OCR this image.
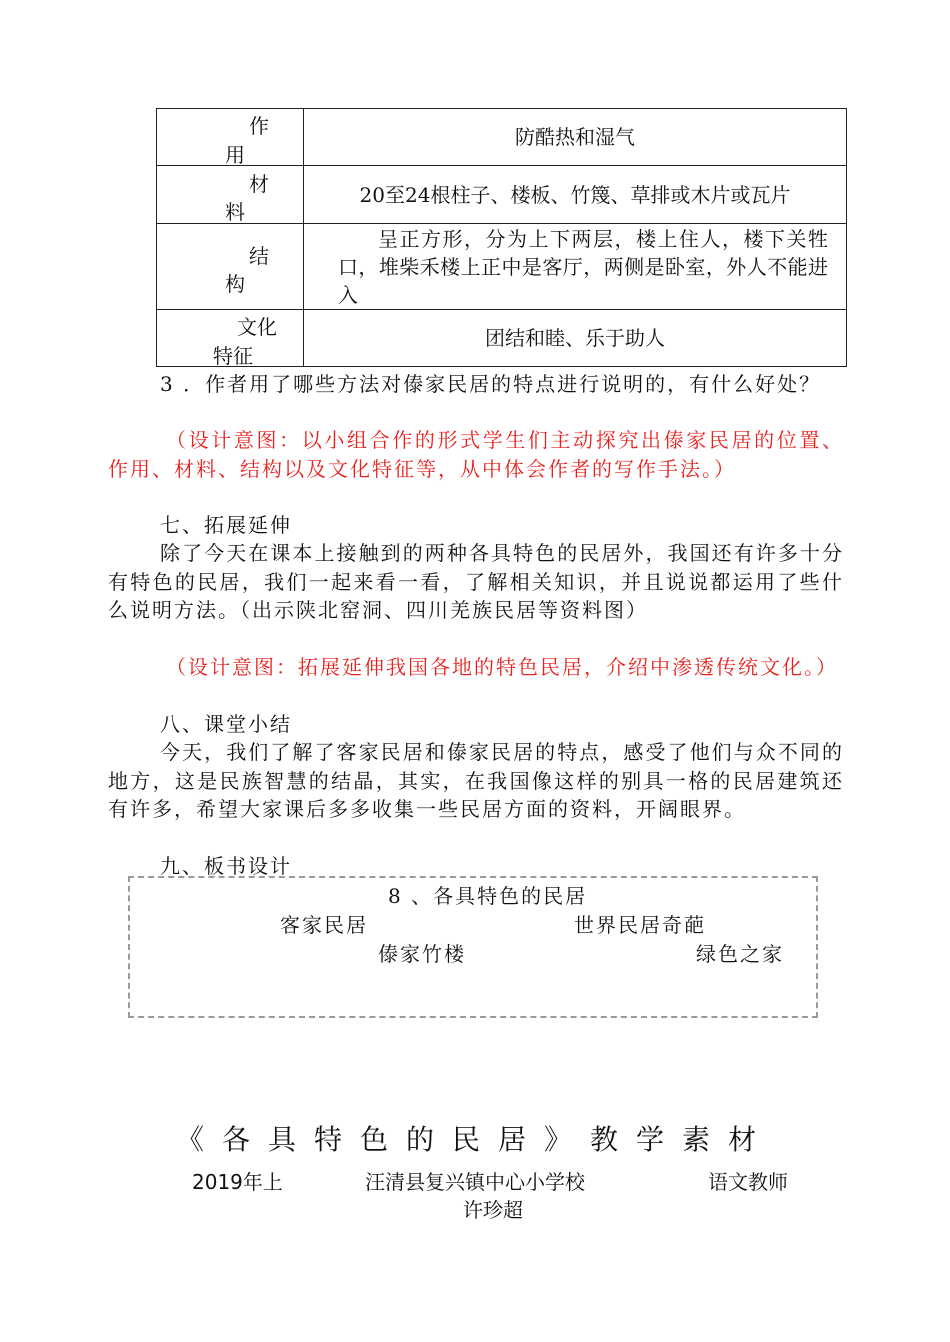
作
用	防酷热和湿气

材
料	20至24根柱子、楼板、竹篾、草排或木片或瓦片

结
构	呈正方形，分为上下两层，楼上住人，楼下关牲口，堆柴禾楼上正中是客厅，两侧是卧室，外人不能进入

文化
特征	团结和睦、乐于助人

3 ．作者用了哪些方法对傣家民居的特点进行说明的，有什么好处？

（设计意图：以小组合作的形式学生们主动探究出傣家民居的位置、作用、材料、结构以及文化特征等，从中体会作者的写作手法。）

七、拓展延伸

除了今天在课本上接触到的两种各具特色的民居外，我国还有许多十分有特色的民居，我们一起来看一看，了解相关知识，并且说说都运用了些什么说明方法。（出示陕北窑洞、四川羌族民居等资料图）

（设计意图：拓展延伸我国各地的特色民居，介绍中渗透传统文化。）

八、课堂小结

今天，我们了解了客家民居和傣家民居的特点，感受了他们与众不同的地方，这是民族智慧的结晶，其实，在我国像这样的别具一格的民居建筑还有许多，希望大家课后多多收集一些民居方面的资料，开阔眼界。

九、板书设计

8 、各具特色的民居
客家民居	世界民居奇葩
傣家竹楼	绿色之家
《各具特色的民居》教学素材
2019年上	汪清县复兴镇中心小学校	语文教师
许珍超
